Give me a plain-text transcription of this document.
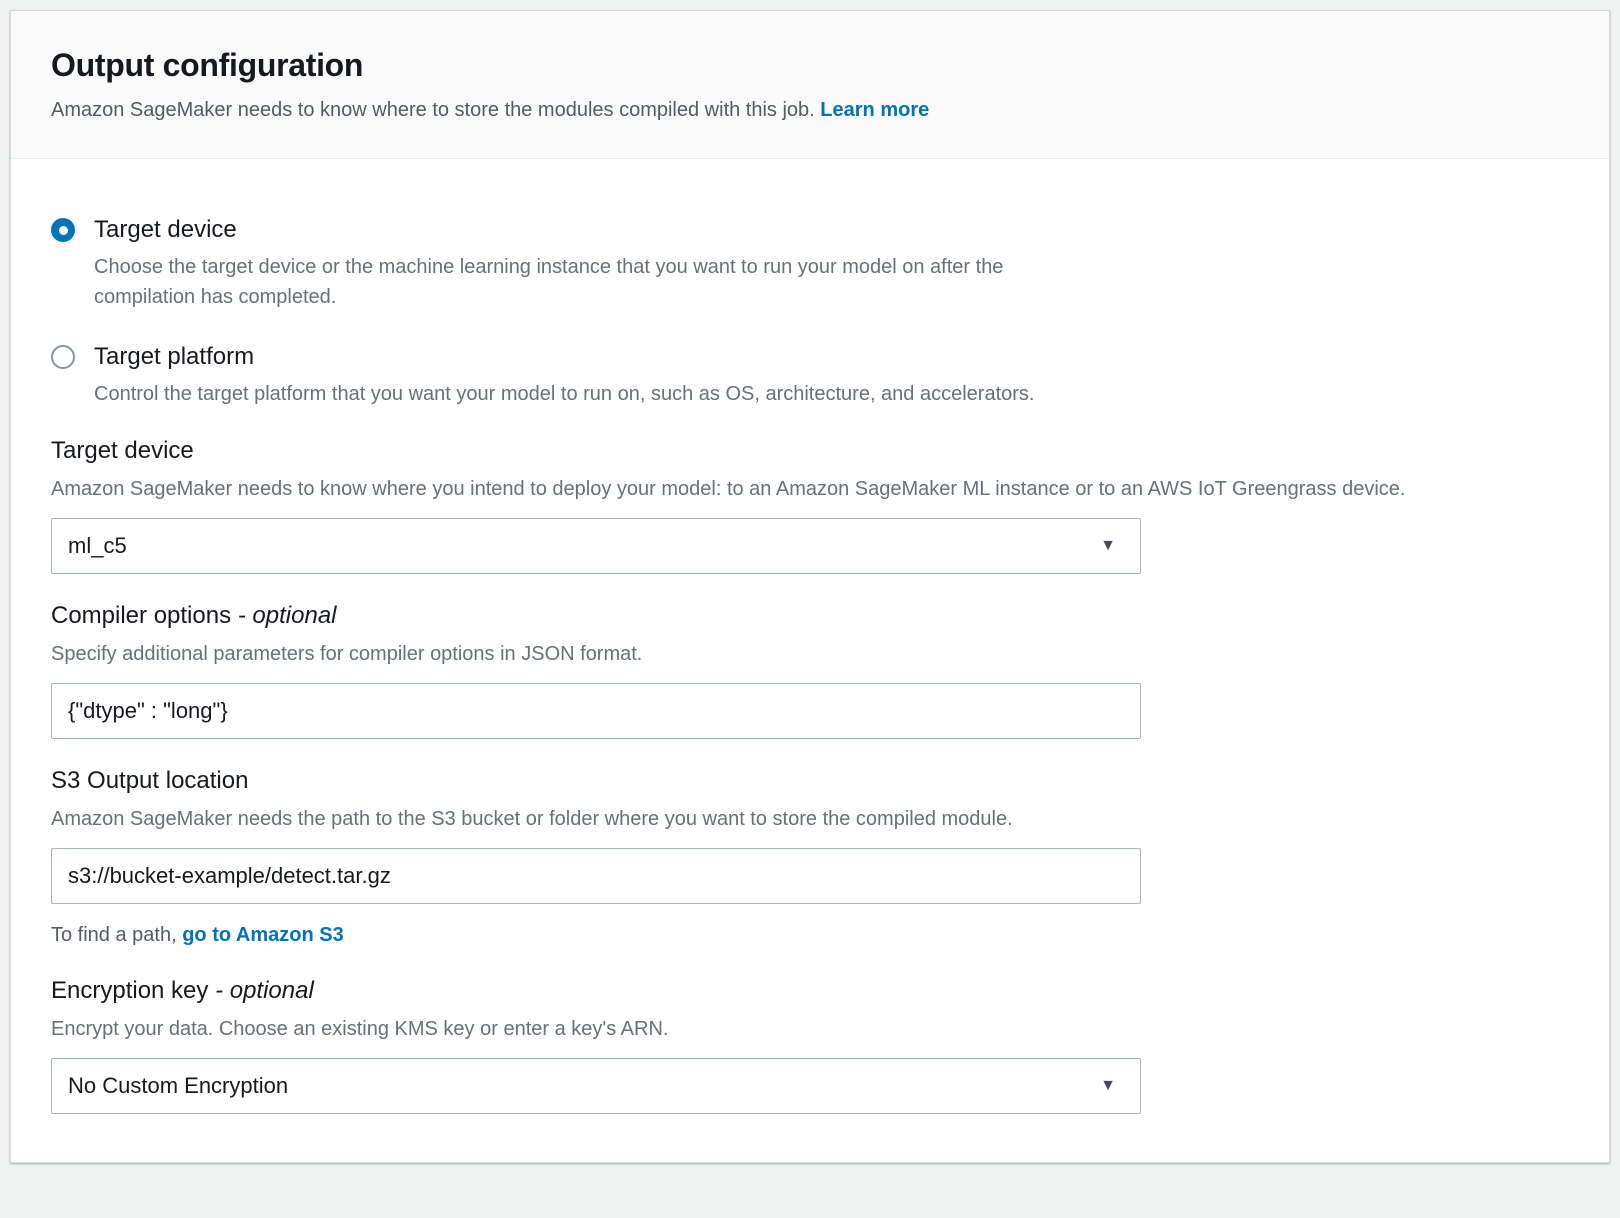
Output configuration

Amazon SageMaker needs to know where to store the modules compiled with this job. Learn more

Target device
Choose the target device or the machine learning instance that you want to run your model on after the compilation has completed.
Target platform
Control the target platform that you want your model to run on, such as OS, architecture, and accelerators.
Target device
Amazon SageMaker needs to know where you intend to deploy your model: to an Amazon SageMaker ML instance or to an AWS IoT Greengrass device.
ml_c5	▼
Compiler options - optional
Specify additional parameters for compiler options in JSON format.
{"dtype" : "long"}
S3 Output location
Amazon SageMaker needs the path to the S3 bucket or folder where you want to store the compiled module.
s3://bucket-example/detect.tar.gz
To find a path, go to Amazon S3
Encryption key - optional
Encrypt your data. Choose an existing KMS key or enter a key's ARN.
No Custom Encryption	▼
